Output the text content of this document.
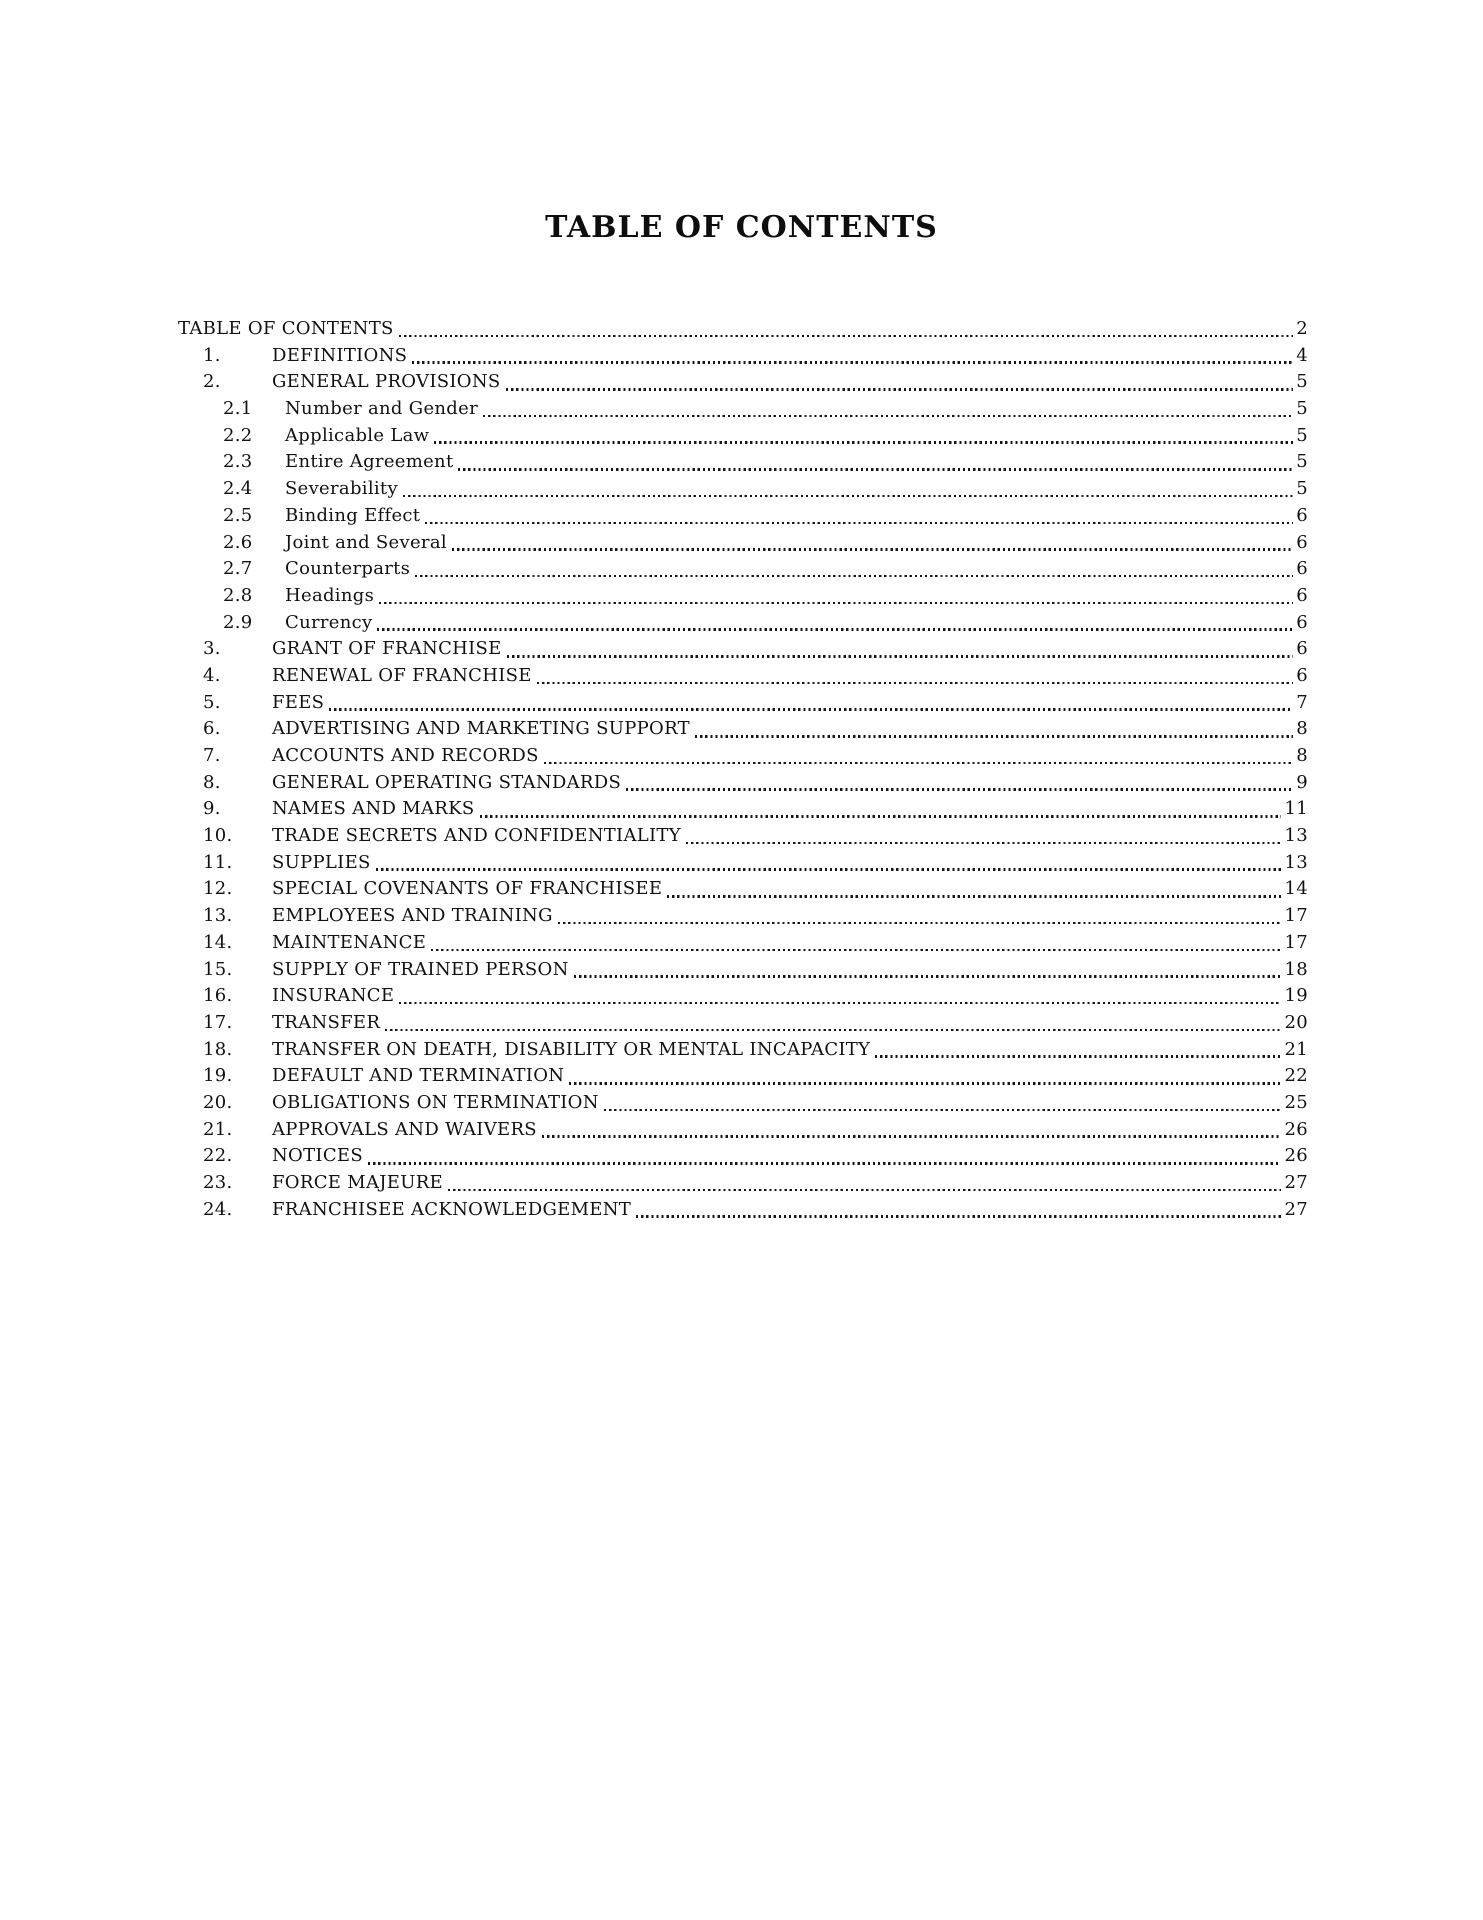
TABLE OF CONTENTS
TABLE OF CONTENTS	2
1.	DEFINITIONS	4
2.	GENERAL PROVISIONS	5
2.1	Number and Gender	5
2.2	Applicable Law	5
2.3	Entire Agreement	5
2.4	Severability	5
2.5	Binding Effect	6
2.6	Joint and Several	6
2.7	Counterparts	6
2.8	Headings	6
2.9	Currency	6
3.	GRANT OF FRANCHISE	6
4.	RENEWAL OF FRANCHISE	6
5.	FEES	7
6.	ADVERTISING AND MARKETING SUPPORT	8
7.	ACCOUNTS AND RECORDS	8
8.	GENERAL OPERATING STANDARDS	9
9.	NAMES AND MARKS	11
10.	TRADE SECRETS AND CONFIDENTIALITY	13
11.	SUPPLIES	13
12.	SPECIAL COVENANTS OF FRANCHISEE	14
13.	EMPLOYEES AND TRAINING	17
14.	MAINTENANCE	17
15.	SUPPLY OF TRAINED PERSON	18
16.	INSURANCE	19
17.	TRANSFER	20
18.	TRANSFER ON DEATH, DISABILITY OR MENTAL INCAPACITY	21
19.	DEFAULT AND TERMINATION	22
20.	OBLIGATIONS ON TERMINATION	25
21.	APPROVALS AND WAIVERS	26
22.	NOTICES	26
23.	FORCE MAJEURE	27
24.	FRANCHISEE ACKNOWLEDGEMENT	27
